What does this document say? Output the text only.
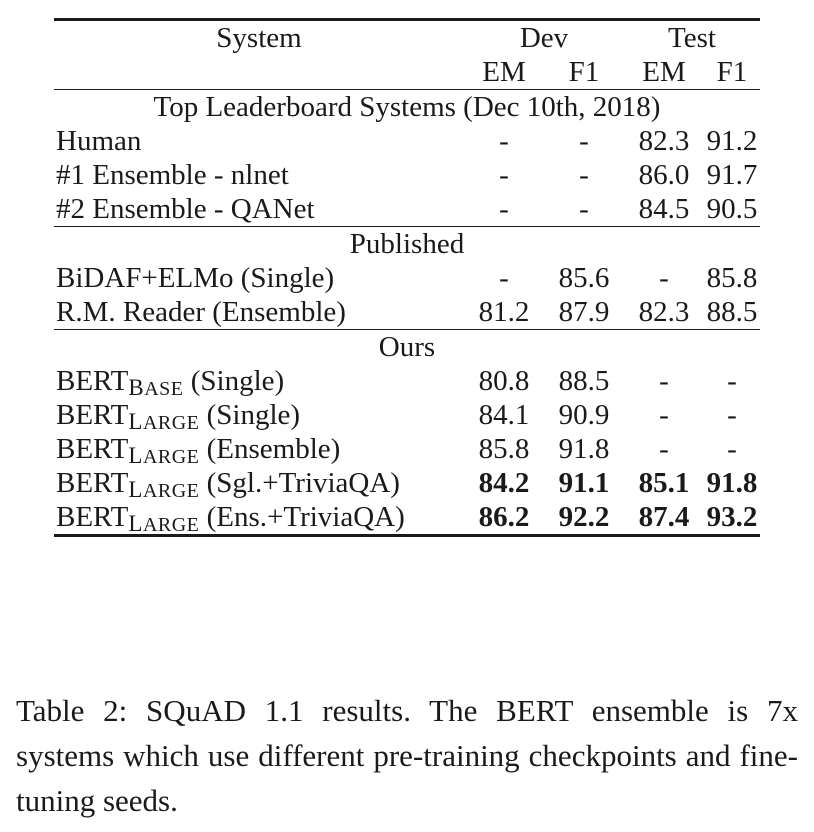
System	Dev		Test	
	EM	F1	EM	F1
Top Leaderboard Systems (Dec 10th, 2018)				
Human	-	-	82.3	91.2
#1 Ensemble - nlnet	-	-	86.0	91.7
#2 Ensemble - QANet	-	-	84.5	90.5
Published				
BiDAF+ELMo (Single)	-	85.6	-	85.8
R.M. Reader (Ensemble)	81.2	87.9	82.3	88.5
Ours				
BERTBASE (Single)	80.8	88.5	-	-
BERTLARGE (Single)	84.1	90.9	-	-
BERTLARGE (Ensemble)	85.8	91.8	-	-
BERTLARGE (Sgl.+TriviaQA)	84.2	91.1	85.1	91.8
BERTLARGE (Ens.+TriviaQA)	86.2	92.2	87.4	93.2

Table 2: SQuAD 1.1 results. The BERT ensemble is 7x systems which use different pre-training checkpoints and fine-tuning seeds.
